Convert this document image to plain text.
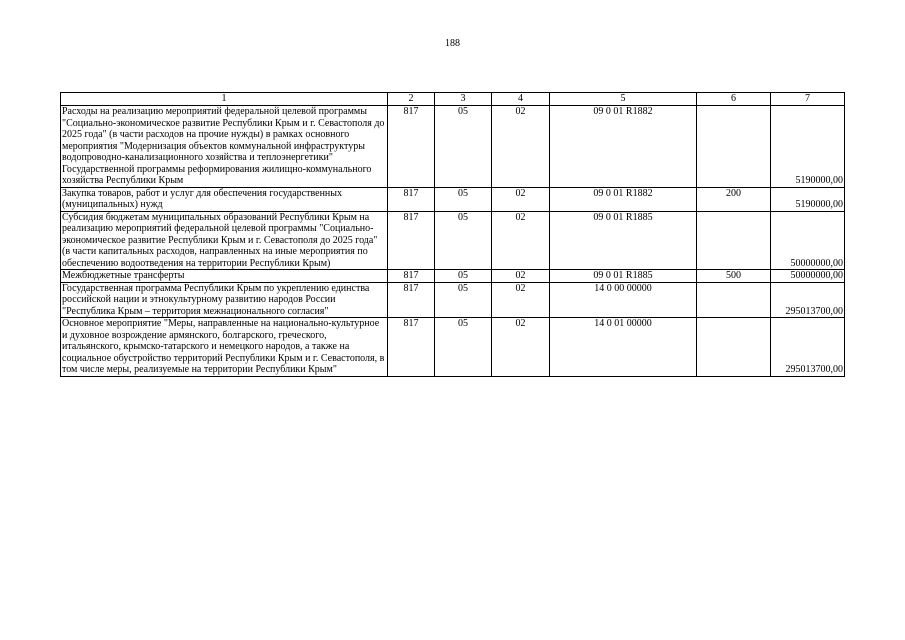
188
1	2	3	4	5	6	7
Расходы на реализацию мероприятий федеральной целевой программы "Социально-экономическое развитие Республики Крым и г. Севастополя до 2025 года" (в части расходов на прочие нужды) в рамках основного мероприятия "Модернизация объектов коммунальной инфраструктуры водопроводно-канализационного хозяйства и теплоэнергетики" Государственной программы реформирования жилищно-коммунального хозяйства Республики Крым	817	05	02	09 0 01 R1882		5190000,00
Закупка товаров, работ и услуг для обеспечения государственных (муниципальных) нужд	817	05	02	09 0 01 R1882	200	5190000,00
Субсидия бюджетам муниципальных образований Республики Крым на реализацию мероприятий федеральной целевой программы "Социально-экономическое развитие Республики Крым и г. Севастополя до 2025 года" (в части капитальных расходов, направленных на иные мероприятия по обеспечению водоотведения на территории Республики Крым)	817	05	02	09 0 01 R1885		50000000,00
Межбюджетные трансферты	817	05	02	09 0 01 R1885	500	50000000,00
Государственная программа Республики Крым по укреплению единства российской нации и этнокультурному развитию народов России "Республика Крым – территория межнационального согласия"	817	05	02	14 0 00 00000		295013700,00
Основное мероприятие "Меры, направленные на национально-культурное и духовное возрождение армянского, болгарского, греческого, итальянского, крымско-татарского и немецкого народов, а также на социальное обустройство территорий Республики Крым и г. Севастополя, в том числе меры, реализуемые на территории Республики Крым"	817	05	02	14 0 01 00000		295013700,00
